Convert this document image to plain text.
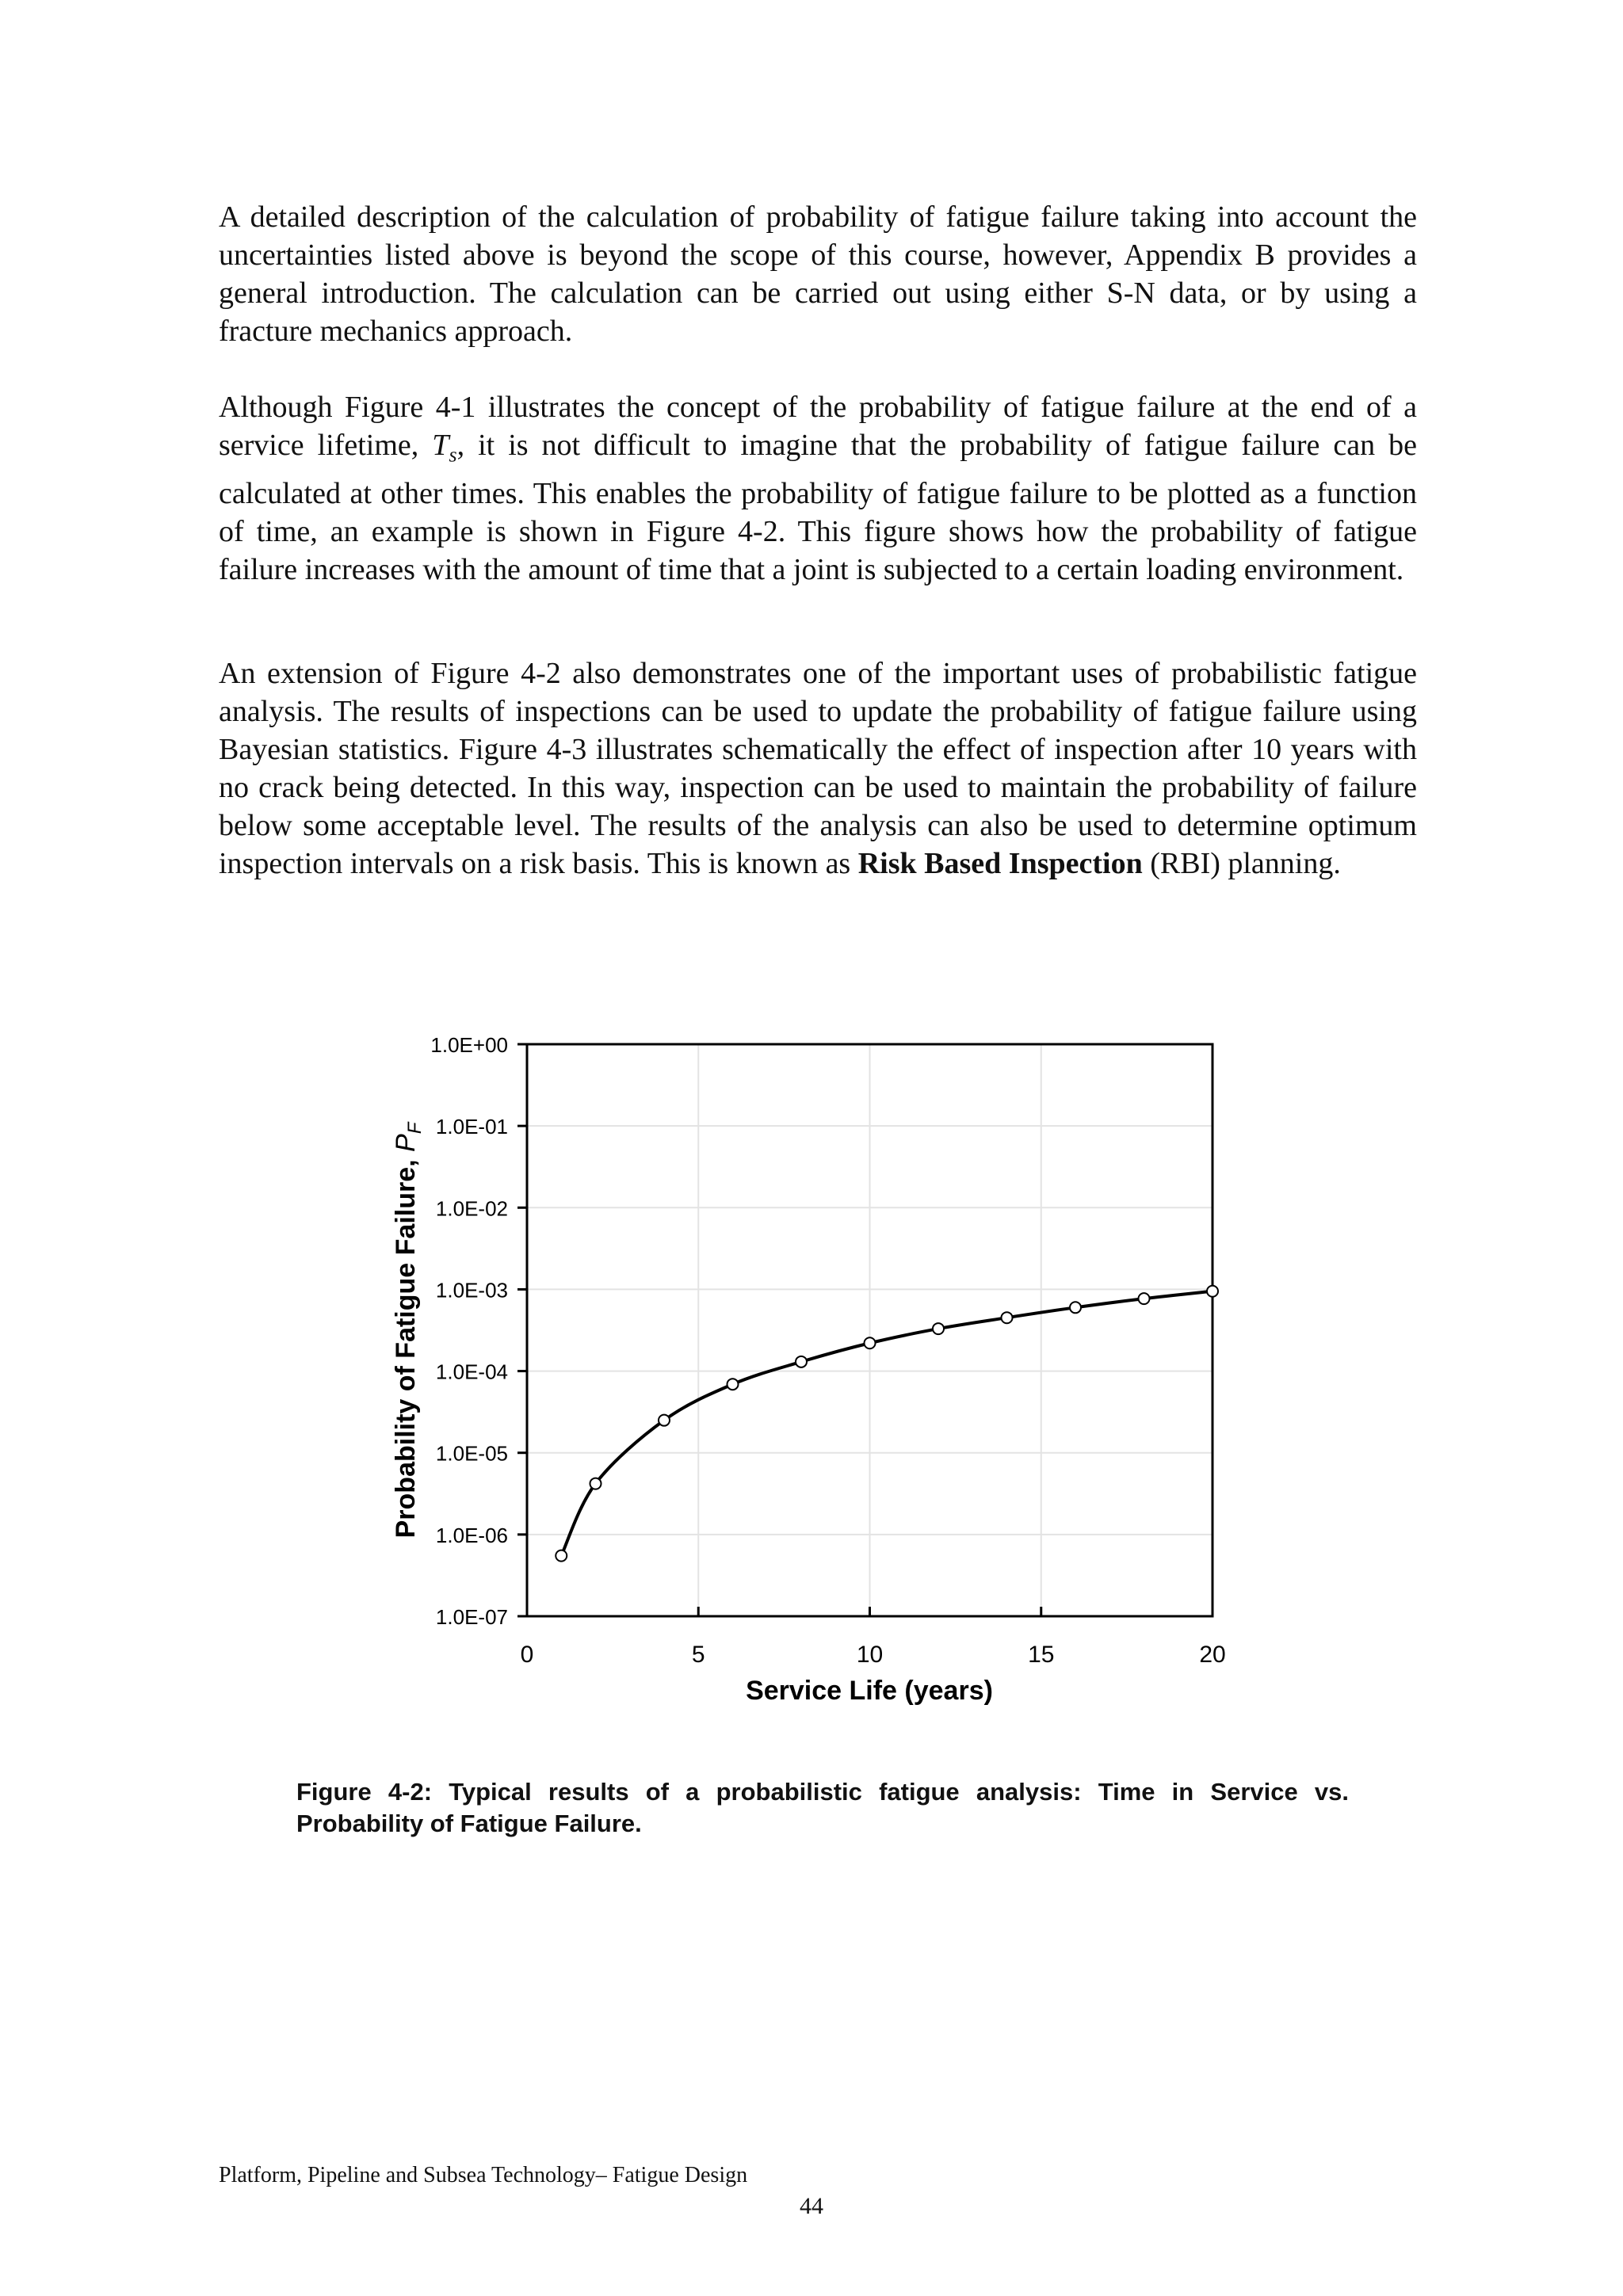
A detailed description of the calculation of probability of fatigue failure taking into account the uncertainties listed above is beyond the scope of this course, however, Appendix B provides a general introduction. The calculation can be carried out using either S-N data, or by using a fracture mechanics approach.

Although Figure 4-1 illustrates the concept of the probability of fatigue failure at the end of a service lifetime, $T_s$, it is not difficult to imagine that the probability of fatigue failure can be calculated at other times. This enables the probability of fatigue failure to be plotted as a function of time, an example is shown in Figure 4-2. This figure shows how the probability of fatigue failure increases with the amount of time that a joint is subjected to a certain loading environment.

An extension of Figure 4-2 also demonstrates one of the important uses of probabilistic fatigue analysis. The results of inspections can be used to update the probability of fatigue failure using Bayesian statistics. Figure 4-3 illustrates schematically the effect of inspection after 10 years with no crack being detected. In this way, inspection can be used to maintain the probability of failure below some acceptable level. The results of the analysis can also be used to determine optimum inspection intervals on a risk basis. This is known as Risk Based Inspection (RBI) planning.

0	5	10	15	20
1.0E+00
1.0E-01
1.0E-02
1.0E-03
1.0E-04
1.0E-05
1.0E-06
1.0E-07
Service Life (years)
Probability of Fatigue Failure, $P_F$

Figure 4-2: Typical results of a probabilistic fatigue analysis: Time in Service vs. Probability of Fatigue Failure.

Platform, Pipeline and Subsea Technology– Fatigue Design

44
